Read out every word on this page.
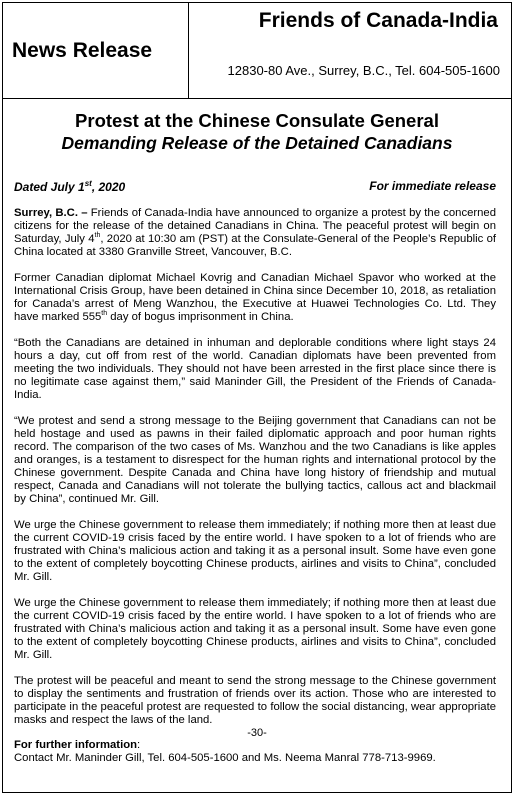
News Release
Friends of Canada-India
12830-80 Ave., Surrey, B.C., Tel. 604-505-1600
Protest at the Chinese Consulate General
Demanding Release of the Detained Canadians
Dated July 1st, 2020	For immediate release

Surrey, B.C. – Friends of Canada-India have announced to organize a protest by the concerned citizens for the release of the detained Canadians in China. The peaceful protest will begin on Saturday, July 4th, 2020 at 10:30 am (PST) at the Consulate-General of the People’s Republic of China located at 3380 Granville Street, Vancouver, B.C.

Former Canadian diplomat Michael Kovrig and Canadian Michael Spavor who worked at the International Crisis Group, have been detained in China since December 10, 2018, as retaliation for Canada’s arrest of Meng Wanzhou, the Executive at Huawei Technologies Co. Ltd. They have marked 555th day of bogus imprisonment in China.

“Both the Canadians are detained in inhuman and deplorable conditions where light stays 24 hours a day, cut off from rest of the world. Canadian diplomats have been prevented from meeting the two individuals. They should not have been arrested in the first place since there is no legitimate case against them,” said Maninder Gill, the President of the Friends of Canada-India.

“We protest and send a strong message to the Beijing government that Canadians can not be held hostage and used as pawns in their failed diplomatic approach and poor human rights record. The comparison of the two cases of Ms. Wanzhou and the two Canadians is like apples and oranges, is a testament to disrespect for the human rights and international protocol by the Chinese government. Despite Canada and China have long history of friendship and mutual respect, Canada and Canadians will not tolerate the bullying tactics, callous act and blackmail by China”, continued Mr. Gill.

We urge the Chinese government to release them immediately; if nothing more then at least due the current COVID-19 crisis faced by the entire world. I have spoken to a lot of friends who are frustrated with China’s malicious action and taking it as a personal insult. Some have even gone to the extent of completely boycotting Chinese products, airlines and visits to China”, concluded Mr. Gill.

We urge the Chinese government to release them immediately; if nothing more then at least due the current COVID-19 crisis faced by the entire world. I have spoken to a lot of friends who are frustrated with China’s malicious action and taking it as a personal insult. Some have even gone to the extent of completely boycotting Chinese products, airlines and visits to China”, concluded Mr. Gill.

The protest will be peaceful and meant to send the strong message to the Chinese government to display the sentiments and frustration of friends over its action. Those who are interested to participate in the peaceful protest are requested to follow the social distancing, wear appropriate masks and respect the laws of the land.

-30-
For further information:
Contact Mr. Maninder Gill, Tel. 604-505-1600 and Ms. Neema Manral 778-713-9969.
